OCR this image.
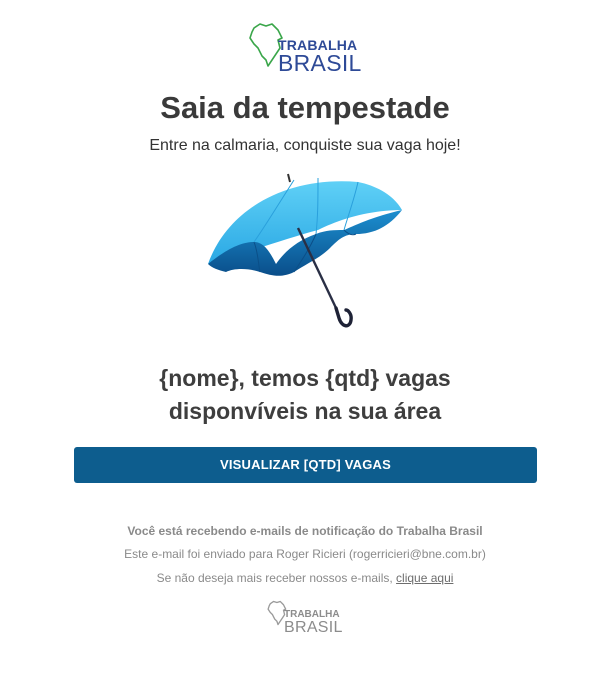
TRABALHA
BRASIL
Saia da tempestade
Entre na calmaria, conquiste sua vaga hoje!
{nome}, temos {qtd} vagas
disponvíveis na sua área
VISUALIZAR [QTD] VAGAS
Você está recebendo e-mails de notificação do Trabalha Brasil
Este e-mail foi enviado para Roger Ricieri (rogerricieri@bne.com.br)
Se não deseja mais receber nossos e-mails, clique aqui
TRABALHA
BRASIL
